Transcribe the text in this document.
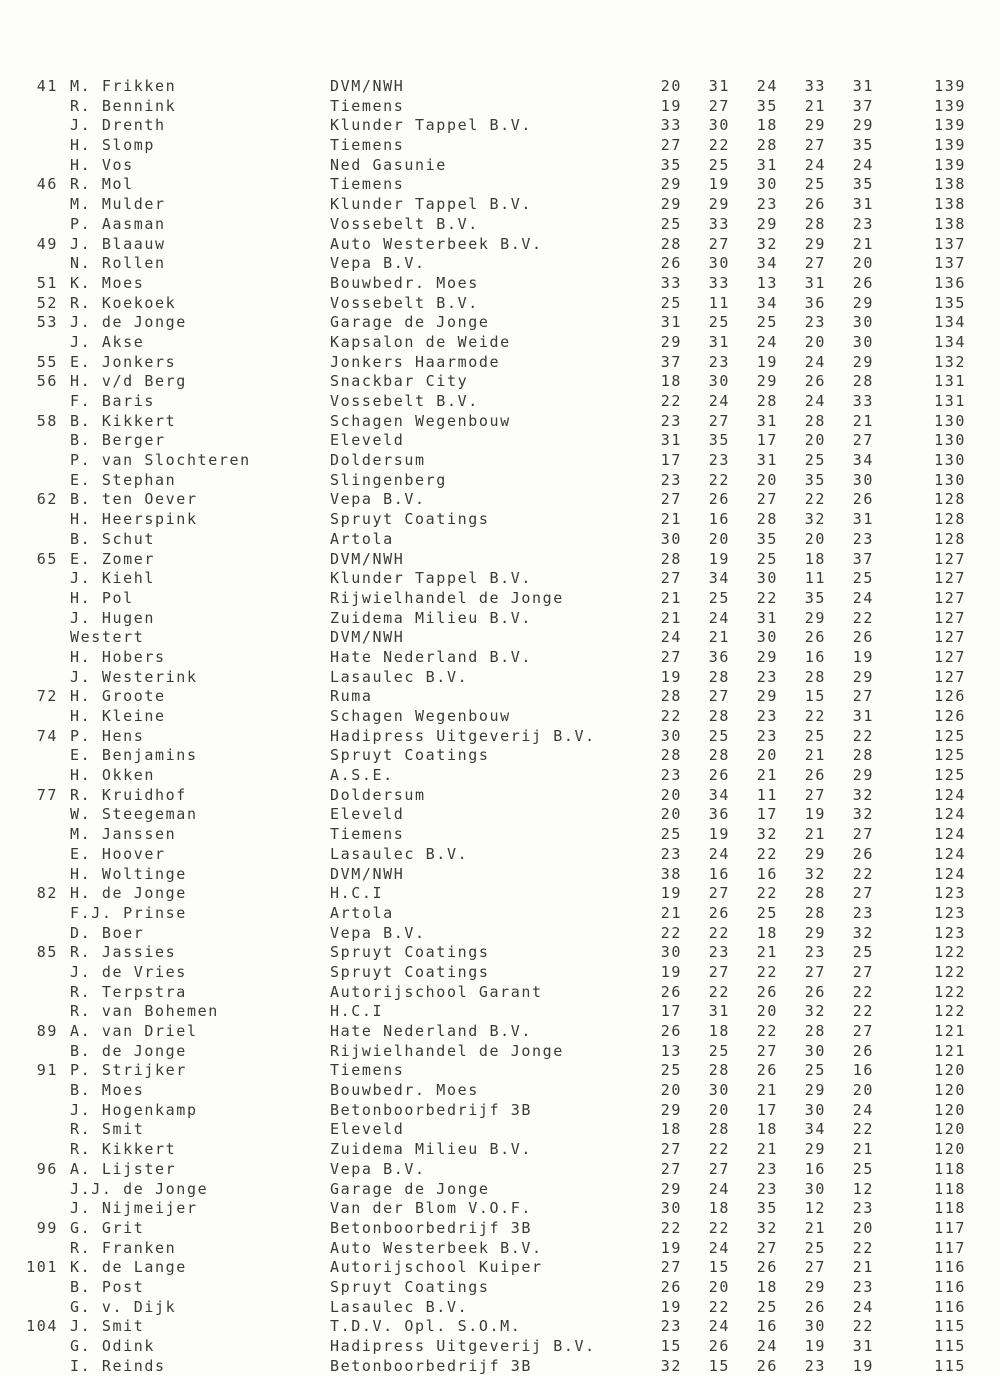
41 M. Frikken	DVM/NWH	20	31	24	33	31	139
R. Bennink	Tiemens	19	27	35	21	37	139
J. Drenth	Klunder Tappel B.V.	33	30	18	29	29	139
H. Slomp	Tiemens	27	22	28	27	35	139
H. Vos	Ned Gasunie	35	25	31	24	24	139
46 R. Mol	Tiemens	29	19	30	25	35	138
M. Mulder	Klunder Tappel B.V.	29	29	23	26	31	138
P. Aasman	Vossebelt B.V.	25	33	29	28	23	138
49 J. Blaauw	Auto Westerbeek B.V.	28	27	32	29	21	137
N. Rollen	Vepa B.V.	26	30	34	27	20	137
51 K. Moes	Bouwbedr. Moes	33	33	13	31	26	136
52 R. Koekoek	Vossebelt B.V.	25	11	34	36	29	135
53 J. de Jonge	Garage de Jonge	31	25	25	23	30	134
J. Akse	Kapsalon de Weide	29	31	24	20	30	134
55 E. Jonkers	Jonkers Haarmode	37	23	19	24	29	132
56 H. v/d Berg	Snackbar City	18	30	29	26	28	131
F. Baris	Vossebelt B.V.	22	24	28	24	33	131
58 B. Kikkert	Schagen Wegenbouw	23	27	31	28	21	130
B. Berger	Eleveld	31	35	17	20	27	130
P. van Slochteren	Doldersum	17	23	31	25	34	130
E. Stephan	Slingenberg	23	22	20	35	30	130
62 B. ten Oever	Vepa B.V.	27	26	27	22	26	128
H. Heerspink	Spruyt Coatings	21	16	28	32	31	128
B. Schut	Artola	30	20	35	20	23	128
65 E. Zomer	DVM/NWH	28	19	25	18	37	127
J. Kiehl	Klunder Tappel B.V.	27	34	30	11	25	127
H. Pol	Rijwielhandel de Jonge	21	25	22	35	24	127
J. Hugen	Zuidema Milieu B.V.	21	24	31	29	22	127
Westert	DVM/NWH	24	21	30	26	26	127
H. Hobers	Hate Nederland B.V.	27	36	29	16	19	127
J. Westerink	Lasaulec B.V.	19	28	23	28	29	127
72 H. Groote	Ruma	28	27	29	15	27	126
H. Kleine	Schagen Wegenbouw	22	28	23	22	31	126
74 P. Hens	Hadipress Uitgeverij B.V.	30	25	23	25	22	125
E. Benjamins	Spruyt Coatings	28	28	20	21	28	125
H. Okken	A.S.E.	23	26	21	26	29	125
77 R. Kruidhof	Doldersum	20	34	11	27	32	124
W. Steegeman	Eleveld	20	36	17	19	32	124
M. Janssen	Tiemens	25	19	32	21	27	124
E. Hoover	Lasaulec B.V.	23	24	22	29	26	124
H. Woltinge	DVM/NWH	38	16	16	32	22	124
82 H. de Jonge	H.C.I	19	27	22	28	27	123
F.J. Prinse	Artola	21	26	25	28	23	123
D. Boer	Vepa B.V.	22	22	18	29	32	123
85 R. Jassies	Spruyt Coatings	30	23	21	23	25	122
J. de Vries	Spruyt Coatings	19	27	22	27	27	122
R. Terpstra	Autorijschool Garant	26	22	26	26	22	122
R. van Bohemen	H.C.I	17	31	20	32	22	122
89 A. van Driel	Hate Nederland B.V.	26	18	22	28	27	121
B. de Jonge	Rijwielhandel de Jonge	13	25	27	30	26	121
91 P. Strijker	Tiemens	25	28	26	25	16	120
B. Moes	Bouwbedr. Moes	20	30	21	29	20	120
J. Hogenkamp	Betonboorbedrijf 3B	29	20	17	30	24	120
R. Smit	Eleveld	18	28	18	34	22	120
R. Kikkert	Zuidema Milieu B.V.	27	22	21	29	21	120
96 A. Lijster	Vepa B.V.	27	27	23	16	25	118
J.J. de Jonge	Garage de Jonge	29	24	23	30	12	118
J. Nijmeijer	Van der Blom V.O.F.	30	18	35	12	23	118
99 G. Grit	Betonboorbedrijf 3B	22	22	32	21	20	117
R. Franken	Auto Westerbeek B.V.	19	24	27	25	22	117
101 K. de Lange	Autorijschool Kuiper	27	15	26	27	21	116
B. Post	Spruyt Coatings	26	20	18	29	23	116
G. v. Dijk	Lasaulec B.V.	19	22	25	26	24	116
104 J. Smit	T.D.V. Opl. S.O.M.	23	24	16	30	22	115
G. Odink	Hadipress Uitgeverij B.V.	15	26	24	19	31	115
I. Reinds	Betonboorbedrijf 3B	32	15	26	23	19	115
